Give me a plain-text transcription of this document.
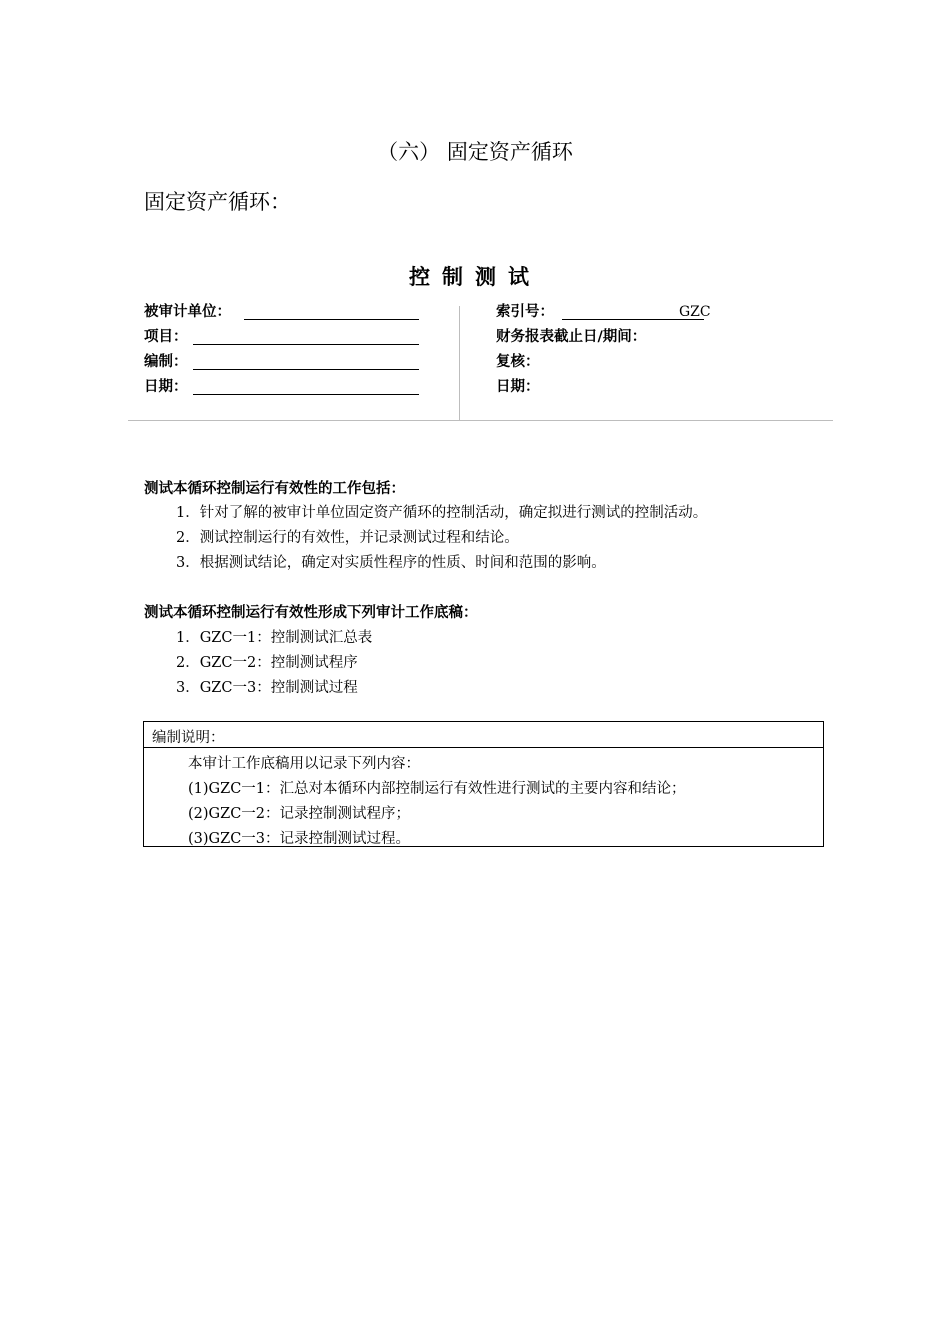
（六） 固定资产循环
固定资产循环：
控制测试
被审计单位：
项目：
编制：
日期：
索引号：	GZC
财务报表截止日/期间：
复核：
日期：
测试本循环控制运行有效性的工作包括：
1．针对了解的被审计单位固定资产循环的控制活动，确定拟进行测试的控制活动。
2．测试控制运行的有效性，并记录测试过程和结论。
3．根据测试结论，确定对实质性程序的性质、时间和范围的影响。
测试本循环控制运行有效性形成下列审计工作底稿：
1．GZC一1：控制测试汇总表
2．GZC一2：控制测试程序
3．GZC一3：控制测试过程
编制说明：
本审计工作底稿用以记录下列内容：
(1)GZC一1：汇总对本循环内部控制运行有效性进行测试的主要内容和结论；
(2)GZC一2：记录控制测试程序；
(3)GZC一3：记录控制测试过程。
